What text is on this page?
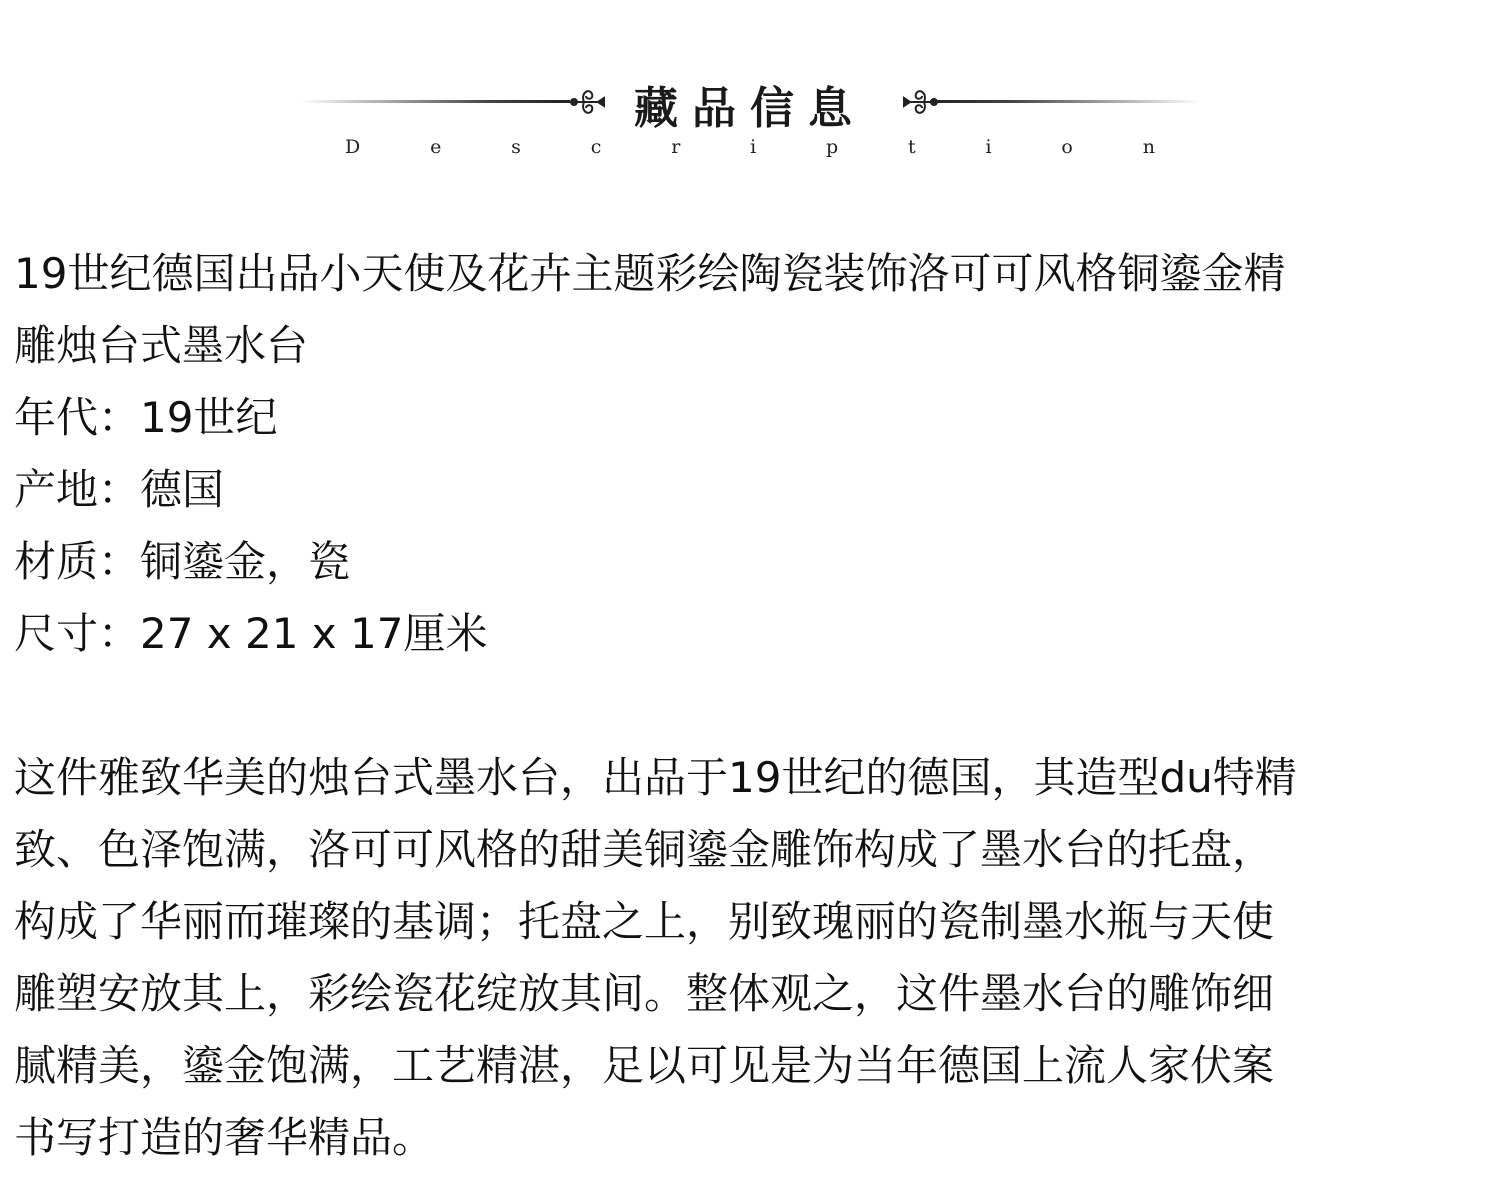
藏品信息
D	e	s	c	r	i	p	t	i	o	n

19世纪德国出品小天使及花卉主题彩绘陶瓷装饰洛可可风格铜鎏金精

雕烛台式墨水台

年代：19世纪

产地：德国

材质：铜鎏金，瓷

尺寸：27 x 21 x 17厘米

这件雅致华美的烛台式墨水台，出品于19世纪的德国，其造型du特精

致、色泽饱满，洛可可风格的甜美铜鎏金雕饰构成了墨水台的托盘，

构成了华丽而璀璨的基调；托盘之上，别致瑰丽的瓷制墨水瓶与天使

雕塑安放其上，彩绘瓷花绽放其间。整体观之，这件墨水台的雕饰细

腻精美，鎏金饱满，工艺精湛，足以可见是为当年德国上流人家伏案

书写打造的奢华精品。
